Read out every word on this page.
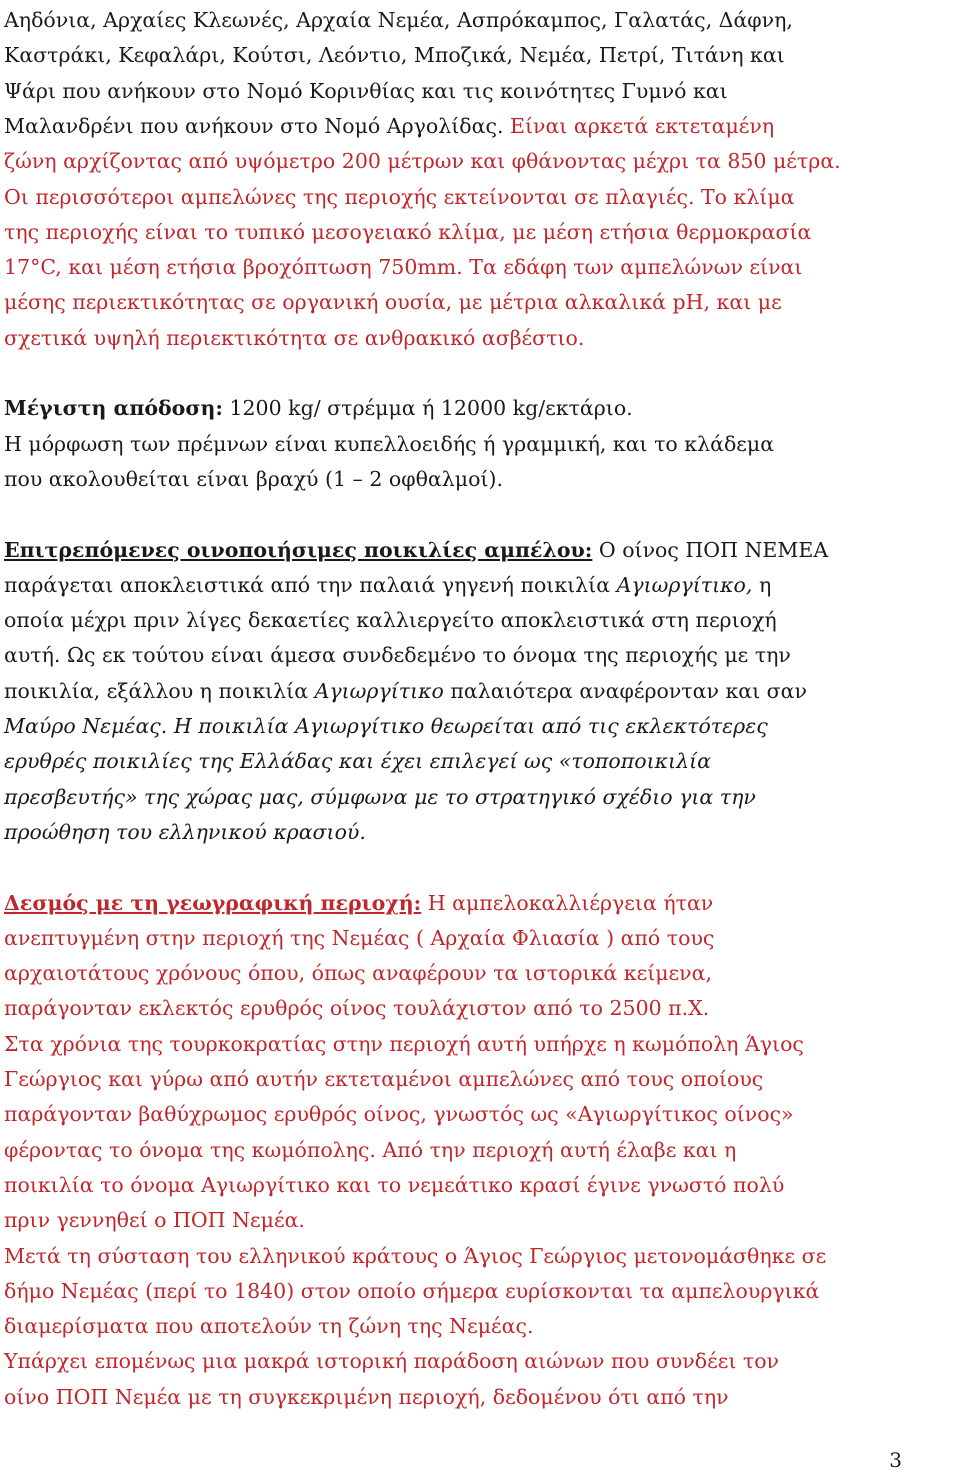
Αηδόνια, Αρχαίες Κλεωνές, Αρχαία Νεμέα, Ασπρόκαμπος, Γαλατάς, Δάφνη,
Καστράκι, Κεφαλάρι, Κούτσι, Λεόντιο, Μποζικά, Νεμέα, Πετρί, Τιτάνη και
Ψάρι που ανήκουν στο Νομό Κορινθίας και τις κοινότητες Γυμνό και
Μαλανδρένι που ανήκουν στο Νομό Αργολίδας. Είναι αρκετά εκτεταμένη
ζώνη αρχίζοντας από υψόμετρο 200 μέτρων και φθάνοντας μέχρι τα 850 μέτρα.
Οι περισσότεροι αμπελώνες της περιοχής εκτείνονται σε πλαγιές. Το κλίμα
της περιοχής είναι το τυπικό μεσογειακό κλίμα, με μέση ετήσια θερμοκρασία
17°C, και μέση ετήσια βροχόπτωση 750mm. Τα εδάφη των αμπελώνων είναι
μέσης περιεκτικότητας σε οργανική ουσία, με μέτρια αλκαλικά pH, και με
σχετικά υψηλή περιεκτικότητα σε ανθρακικό ασβέστιο.
Μέγιστη απόδοση: 1200 kg/ στρέμμα ή 12000 kg/εκτάριο.
Η μόρφωση των πρέμνων είναι κυπελλοειδής ή γραμμική, και το κλάδεμα
που ακολουθείται είναι βραχύ (1 – 2 οφθαλμοί).
Επιτρεπόμενες οινοποιήσιμες ποικιλίες αμπέλου: Ο οίνος ΠΟΠ ΝΕΜΕΑ
παράγεται αποκλειστικά από την παλαιά γηγενή ποικιλία Αγιωργίτικο, η
οποία μέχρι πριν λίγες δεκαετίες καλλιεργείτο αποκλειστικά στη περιοχή
αυτή. Ως εκ τούτου είναι άμεσα συνδεδεμένο το όνομα της περιοχής με την
ποικιλία, εξάλλου η ποικιλία Αγιωργίτικο παλαιότερα αναφέρονταν και σαν
Μαύρο Νεμέας. Η ποικιλία Αγιωργίτικο θεωρείται από τις εκλεκτότερες
ερυθρές ποικιλίες της Ελλάδας και έχει επιλεγεί ως «τοποποικιλία
πρεσβευτής» της χώρας μας, σύμφωνα με το στρατηγικό σχέδιο για την
προώθηση του ελληνικού κρασιού.
Δεσμός με τη γεωγραφική περιοχή: Η αμπελοκαλλιέργεια ήταν
ανεπτυγμένη στην περιοχή της Νεμέας ( Αρχαία Φλιασία ) από τους
αρχαιοτάτους χρόνους όπου, όπως αναφέρουν τα ιστορικά κείμενα,
παράγονταν εκλεκτός ερυθρός οίνος τουλάχιστον από το 2500 π.Χ.
Στα χρόνια της τουρκοκρατίας στην περιοχή αυτή υπήρχε η κωμόπολη Άγιος
Γεώργιος και γύρω από αυτήν εκτεταμένοι αμπελώνες από τους οποίους
παράγονταν βαθύχρωμος ερυθρός οίνος, γνωστός ως «Αγιωργίτικος οίνος»
φέροντας το όνομα της κωμόπολης. Από την περιοχή αυτή έλαβε και η
ποικιλία το όνομα Αγιωργίτικο και το νεμεάτικο κρασί έγινε γνωστό πολύ
πριν γεννηθεί ο ΠΟΠ Νεμέα.
Μετά τη σύσταση του ελληνικού κράτους ο Άγιος Γεώργιος μετονομάσθηκε σε
δήμο Νεμέας (περί το 1840) στον οποίο σήμερα ευρίσκονται τα αμπελουργικά
διαμερίσματα που αποτελούν τη ζώνη της Νεμέας.
Υπάρχει επομένως μια μακρά ιστορική παράδοση αιώνων που συνδέει τον
οίνο ΠΟΠ Νεμέα με τη συγκεκριμένη περιοχή, δεδομένου ότι από την
3
